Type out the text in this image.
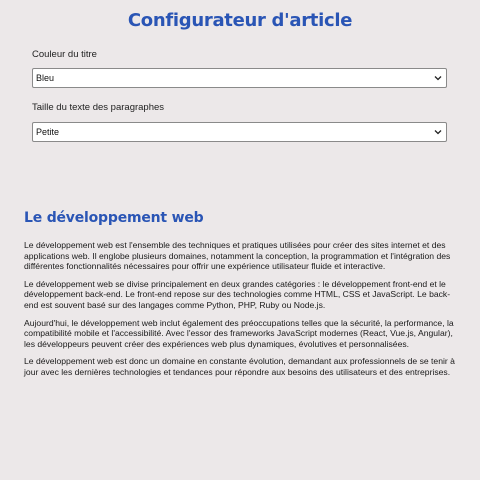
Configurateur d'article
Couleur du titre
Bleu
Taille du texte des paragraphes
Petite
Le développement web

Le développement web est l'ensemble des techniques et pratiques utilisées pour créer des sites internet et des applications web. Il englobe plusieurs domaines, notamment la conception, la programmation et l'intégration des différentes fonctionnalités nécessaires pour offrir une expérience utilisateur fluide et interactive.

Le développement web se divise principalement en deux grandes catégories : le développement front-end et le développement back-end. Le front-end repose sur des technologies comme HTML, CSS et JavaScript. Le back-end est souvent basé sur des langages comme Python, PHP, Ruby ou Node.js.

Aujourd'hui, le développement web inclut également des préoccupations telles que la sécurité, la performance, la compatibilité mobile et l'accessibilité. Avec l'essor des frameworks JavaScript modernes (React, Vue.js, Angular), les développeurs peuvent créer des expériences web plus dynamiques, évolutives et personnalisées.

Le développement web est donc un domaine en constante évolution, demandant aux professionnels de se tenir à jour avec les dernières technologies et tendances pour répondre aux besoins des utilisateurs et des entreprises.
